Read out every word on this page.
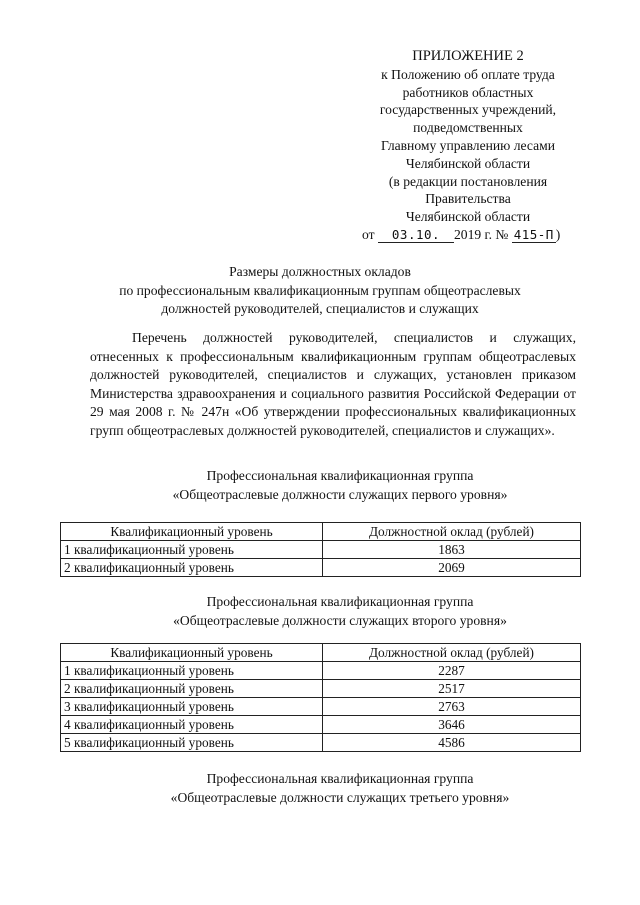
ПРИЛОЖЕНИЕ 2
к Положению об оплате труда
работников областных
государственных учреждений,
подведомственных
Главному управлению лесами
Челябинской области
(в редакции постановления
Правительства
Челябинской области
от 03.10. 2019 г. № 415-П )
Размеры должностных окладов
по профессиональным квалификационным группам общеотраслевых
должностей руководителей, специалистов и служащих
Перечень должностей руководителей, специалистов и служащих, отнесенных к профессиональным квалификационным группам общеотраслевых должностей руководителей, специалистов и служащих, установлен приказом Министерства здравоохранения и социального развития Российской Федерации от 29 мая 2008 г. № 247н «Об утверждении профессиональных квалификационных групп общеотраслевых должностей руководителей, специалистов и служащих».
Профессиональная квалификационная группа
«Общеотраслевые должности служащих первого уровня»
Квалификационный уровень	Должностной оклад (рублей)
1 квалификационный уровень	1863
2 квалификационный уровень	2069
Профессиональная квалификационная группа
«Общеотраслевые должности служащих второго уровня»
Квалификационный уровень	Должностной оклад (рублей)
1 квалификационный уровень	2287
2 квалификационный уровень	2517
3 квалификационный уровень	2763
4 квалификационный уровень	3646
5 квалификационный уровень	4586
Профессиональная квалификационная группа
«Общеотраслевые должности служащих третьего уровня»
